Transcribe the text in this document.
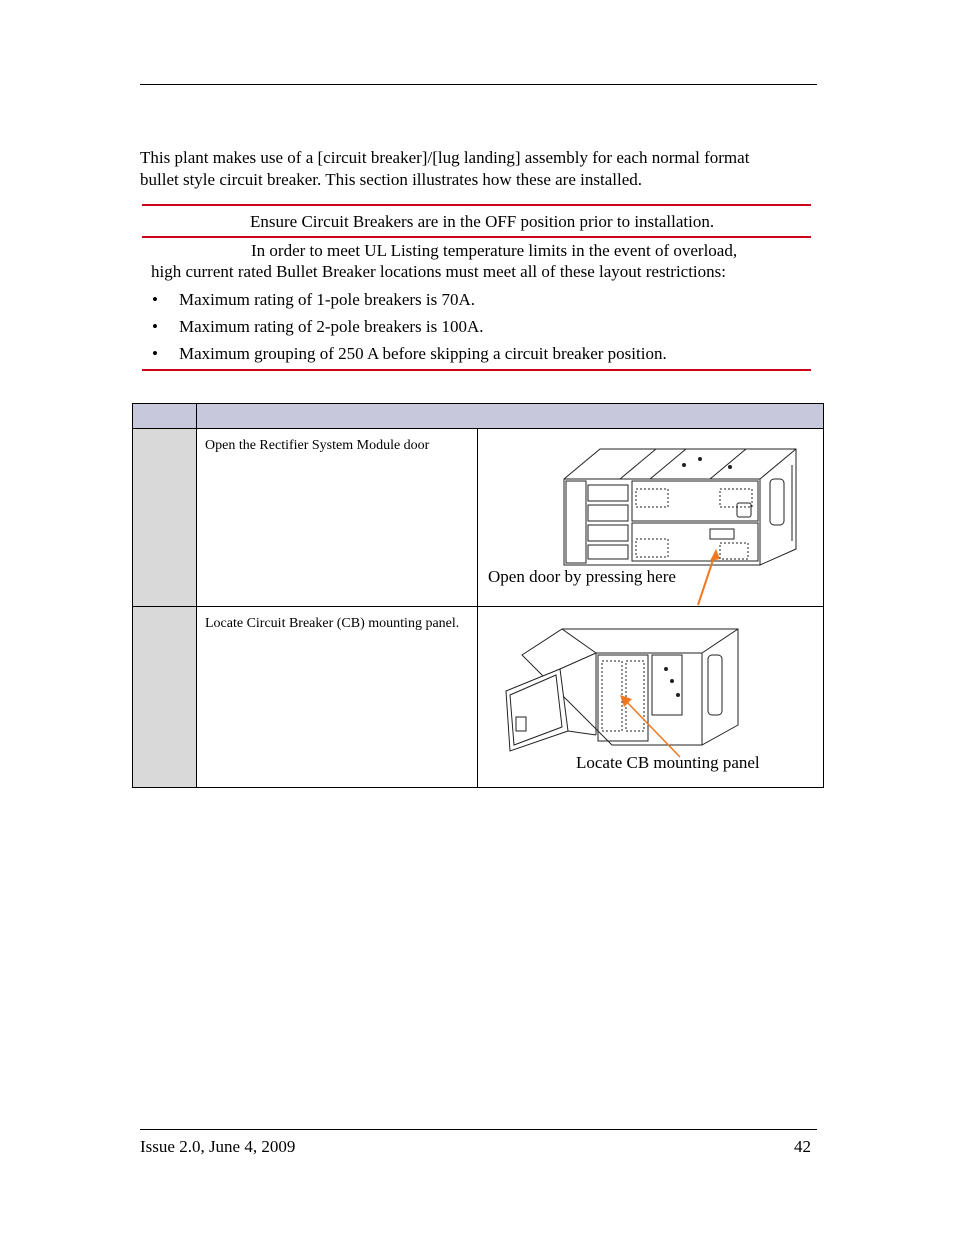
This plant makes use of a [circuit breaker]/[lug landing] assembly for each normal format
bullet style circuit breaker. This section illustrates how these are installed.
Ensure Circuit Breakers are in the OFF position prior to installation.
In order to meet UL Listing temperature limits in the event of overload,
high current rated Bullet Breaker locations must meet all of these layout restrictions:
• Maximum rating of 1-pole breakers is 70A.
• Maximum rating of 2-pole breakers is 100A.
• Maximum grouping of 250 A before skipping a circuit breaker position.

	Open the Rectifier System Module door	Open door by pressing here

	Locate Circuit Breaker (CB) mounting panel.	Locate CB mounting panel
Issue 2.0, June 4, 2009	42
